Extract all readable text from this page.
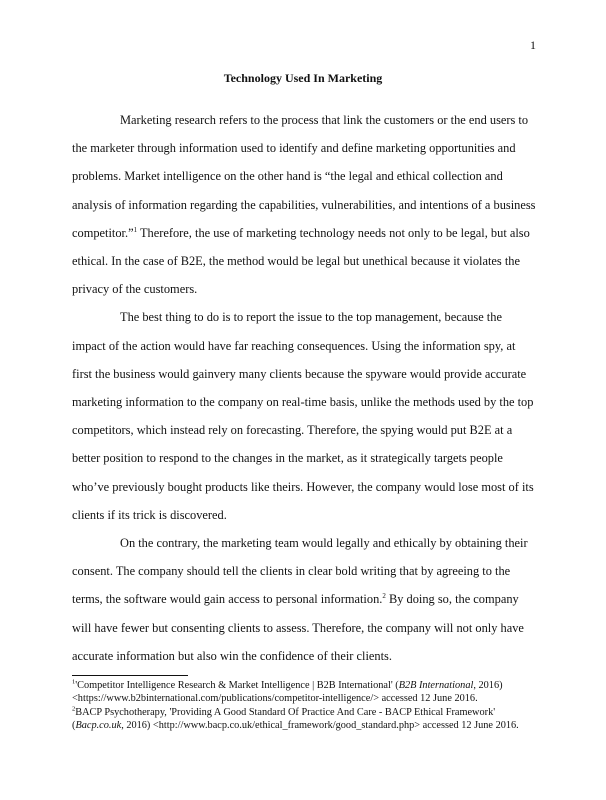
1
Technology Used In Marketing

Marketing research refers to the process that link the customers or the end users to the marketer through information used to identify and define marketing opportunities and problems. Market intelligence on the other hand is “the legal and ethical collection and analysis of information regarding the capabilities, vulnerabilities, and intentions of a business competitor.”$^1$ Therefore, the use of marketing technology needs not only to be legal, but also ethical. In the case of B2E, the method would be legal but unethical because it violates the privacy of the customers.

The best thing to do is to report the issue to the top management, because the impact of the action would have far reaching consequences. Using the information spy, at first the business would gainvery many clients because the spyware would provide accurate marketing information to the company on real-time basis, unlike the methods used by the top competitors, which instead rely on forecasting. Therefore, the spying would put B2E at a better position to respond to the changes in the market, as it strategically targets people who’ve previously bought products like theirs. However, the company would lose most of its clients if its trick is discovered.

On the contrary, the marketing team would legally and ethically by obtaining their consent. The company should tell the clients in clear bold writing that by agreeing to the terms, the software would gain access to personal information.$^2$ By doing so, the company will have fewer but consenting clients to assess. Therefore, the company will not only have accurate information but also win the confidence of their clients.

$^1$'Competitor Intelligence Research & Market Intelligence | B2B International' (B2B International, 2016) <https://www.b2binternational.com/publications/competitor-intelligence/> accessed 12 June 2016.

$^2$BACP Psychotherapy, 'Providing A Good Standard Of Practice And Care - BACP Ethical Framework' (Bacp.co.uk, 2016) <http://www.bacp.co.uk/ethical_framework/good_standard.php> accessed 12 June 2016.
